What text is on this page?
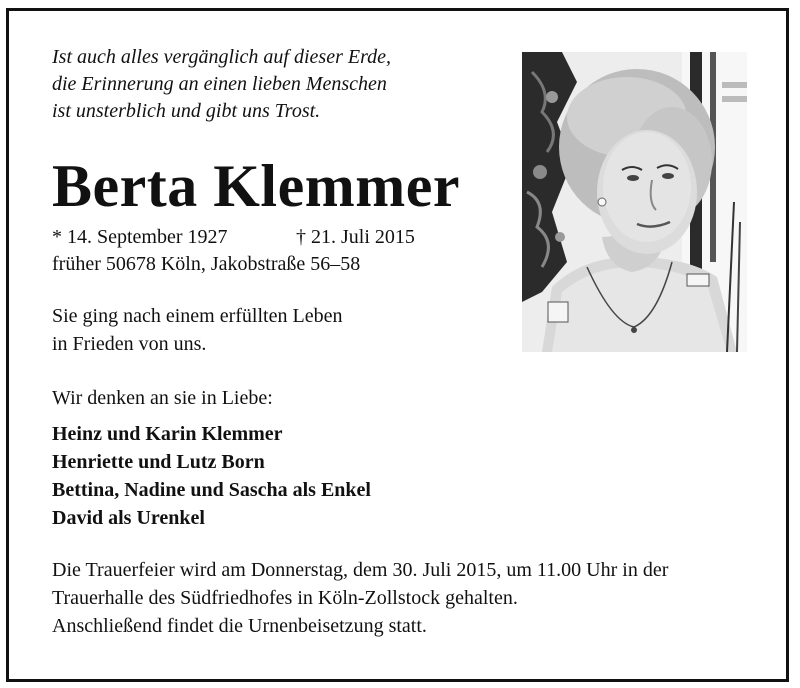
Ist auch alles vergänglich auf dieser Erde,
die Erinnerung an einen lieben Menschen
ist unsterblich und gibt uns Trost.
Berta Klemmer
* 14. September 1927	† 21. Juli 2015
früher 50678 Köln, Jakobstraße 56–58
Sie ging nach einem erfüllten Leben
in Frieden von uns.
Wir denken an sie in Liebe:
Heinz und Karin Klemmer
Henriette und Lutz Born
Bettina, Nadine und Sascha als Enkel
David als Urenkel
Die Trauerfeier wird am Donnerstag, dem 30. Juli 2015, um 11.00 Uhr in der
Trauerhalle des Südfriedhofes in Köln-Zollstock gehalten.
Anschließend findet die Urnenbeisetzung statt.
